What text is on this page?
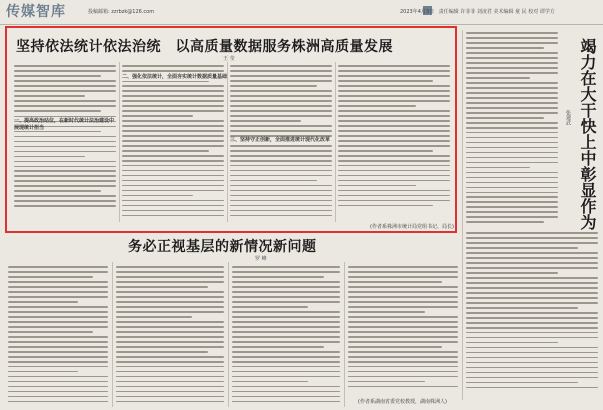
传媒智库	投稿邮箱: zzrbzk@126.com	2023年4月3日 责任编辑 许菲菲 刘凌君 美术编辑 童 民 校对 谭学方
坚持依法统计依法治统　以高质量数据服务株洲高质量发展
王 莹
一、提高政治站位，在新时代统计法治建设中展现统计担当
二、强化依法统计，全面夯实统计数据质量基础
三、坚持守正创新，全面推进统计现代化改革
(作者系株洲市统计局党组书记、局长)	竭力在大干快上中彰显作为
张建武
务必正视基层的新情况新问题
罗 峰
(作者系湖南省委党校教授，湖南株洲人)
